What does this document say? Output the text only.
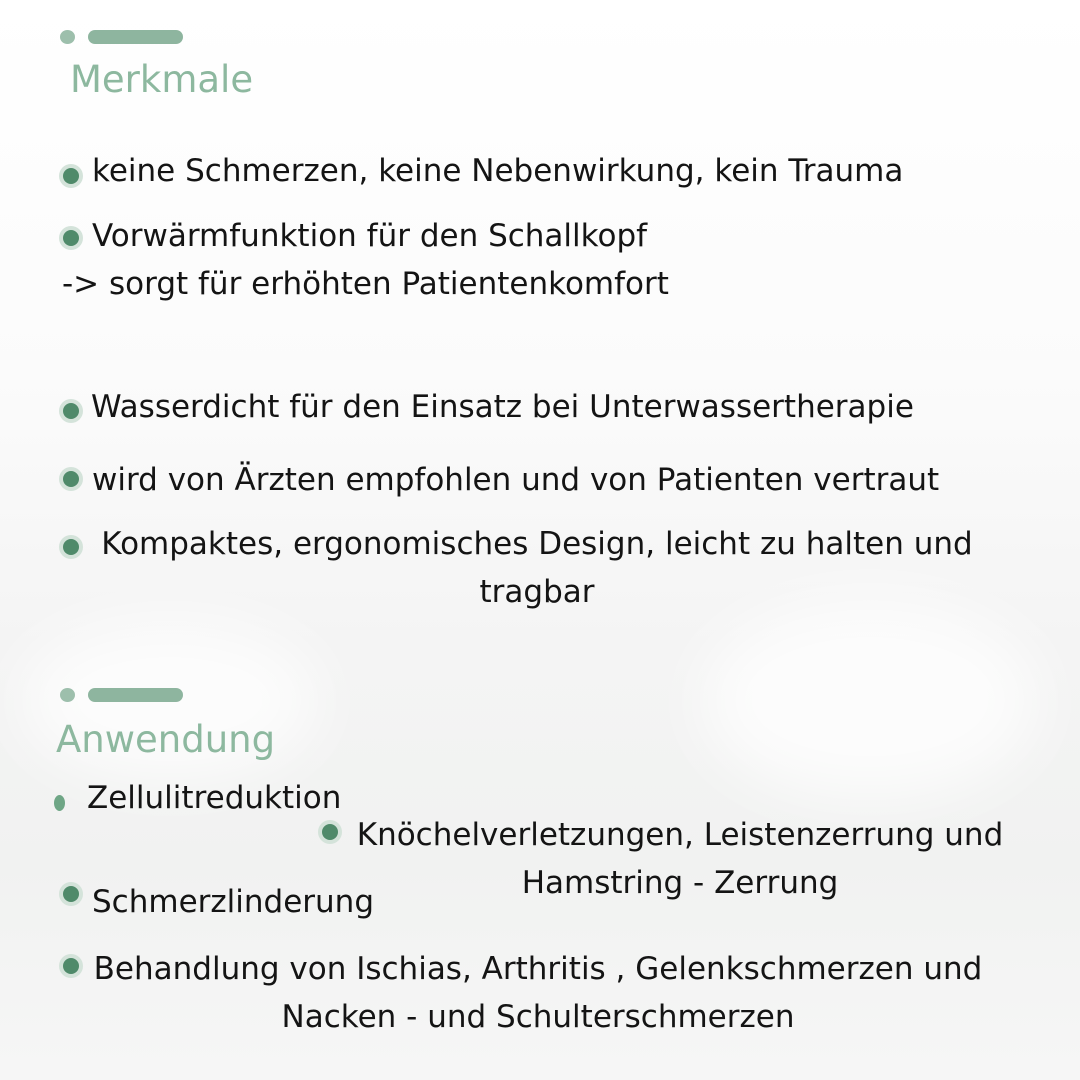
Merkmale
keine Schmerzen, keine Nebenwirkung, kein Trauma
Vorwärmfunktion für den Schallkopf
-> sorgt für erhöhten Patientenkomfort
Wasserdicht für den Einsatz bei Unterwassertherapie
wird von Ärzten empfohlen und von Patienten vertraut
Kompaktes, ergonomisches Design, leicht zu halten und
tragbar
Anwendung
Zellulitreduktion
Knöchelverletzungen, Leistenzerrung und
Hamstring - Zerrung
Schmerzlinderung
Behandlung von Ischias, Arthritis , Gelenkschmerzen und
Nacken - und Schulterschmerzen
